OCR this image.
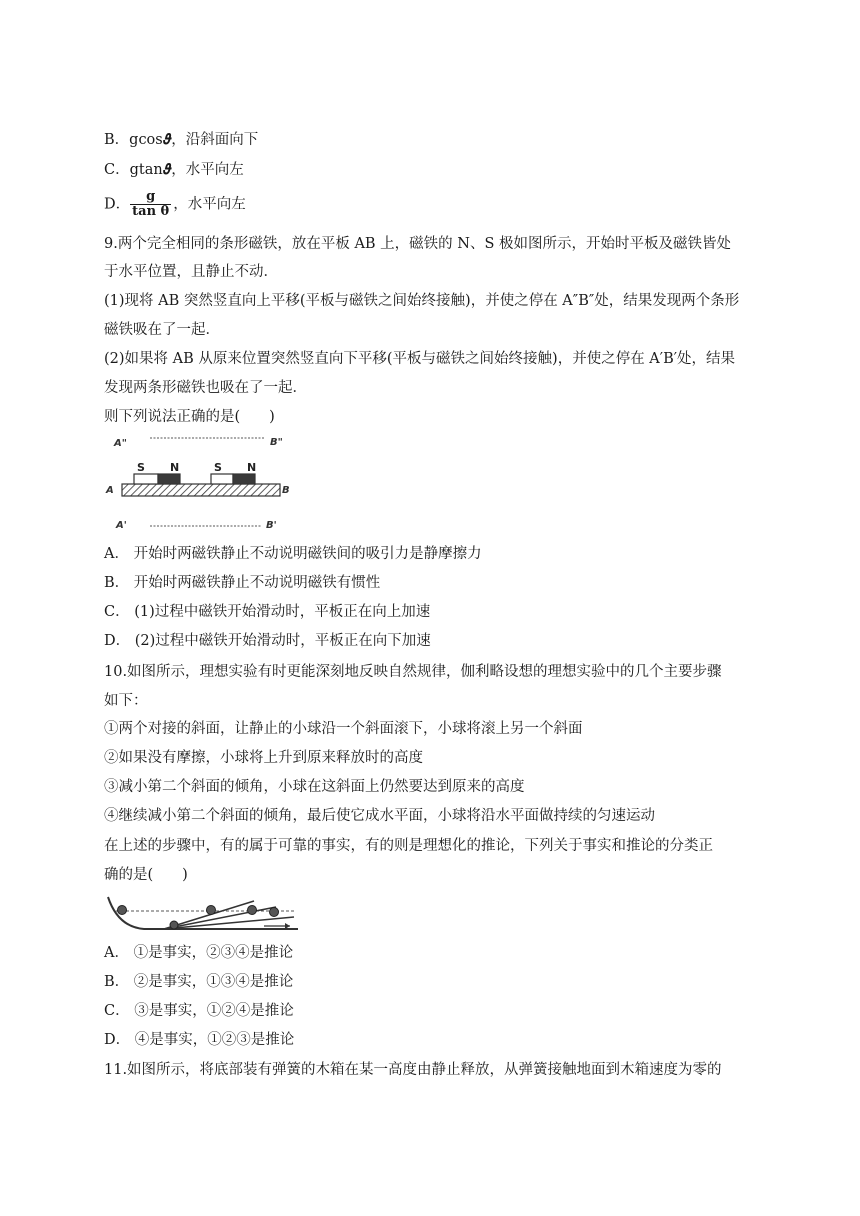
B．gcos𝝑，沿斜面向下
C．gtan𝝑，水平向左
D． $\frac{g}{\text{tan θ}}$ ，水平向左
9.两个完全相同的条形磁铁，放在平板 AB 上，磁铁的 N、S 极如图所示，开始时平板及磁铁皆处
于水平位置，且静止不动．
(1)现将 AB 突然竖直向上平移(平板与磁铁之间始终接触)，并使之停在 A″B″处，结果发现两个条形
磁铁吸在了一起．
(2)如果将 AB 从原来位置突然竖直向下平移(平板与磁铁之间始终接触)，并使之停在 A′B′处，结果
发现两条形磁铁也吸在了一起．
则下列说法正确的是(　　)
A"	B"
A	B
A'	B'
S N	S N
A． 开始时两磁铁静止不动说明磁铁间的吸引力是静摩擦力
B． 开始时两磁铁静止不动说明磁铁有惯性
C． (1)过程中磁铁开始滑动时，平板正在向上加速
D． (2)过程中磁铁开始滑动时，平板正在向下加速
10.如图所示，理想实验有时更能深刻地反映自然规律，伽利略设想的理想实验中的几个主要步骤
如下：
①两个对接的斜面，让静止的小球沿一个斜面滚下，小球将滚上另一个斜面
②如果没有摩擦，小球将上升到原来释放时的高度
③减小第二个斜面的倾角，小球在这斜面上仍然要达到原来的高度
④继续减小第二个斜面的倾角，最后使它成水平面，小球将沿水平面做持续的匀速运动
在上述的步骤中，有的属于可靠的事实，有的则是理想化的推论，下列关于事实和推论的分类正
确的是(　　)
A． ①是事实，②③④是推论
B． ②是事实，①③④是推论
C． ③是事实，①②④是推论
D． ④是事实，①②③是推论
11.如图所示，将底部装有弹簧的木箱在某一高度由静止释放，从弹簧接触地面到木箱速度为零的
